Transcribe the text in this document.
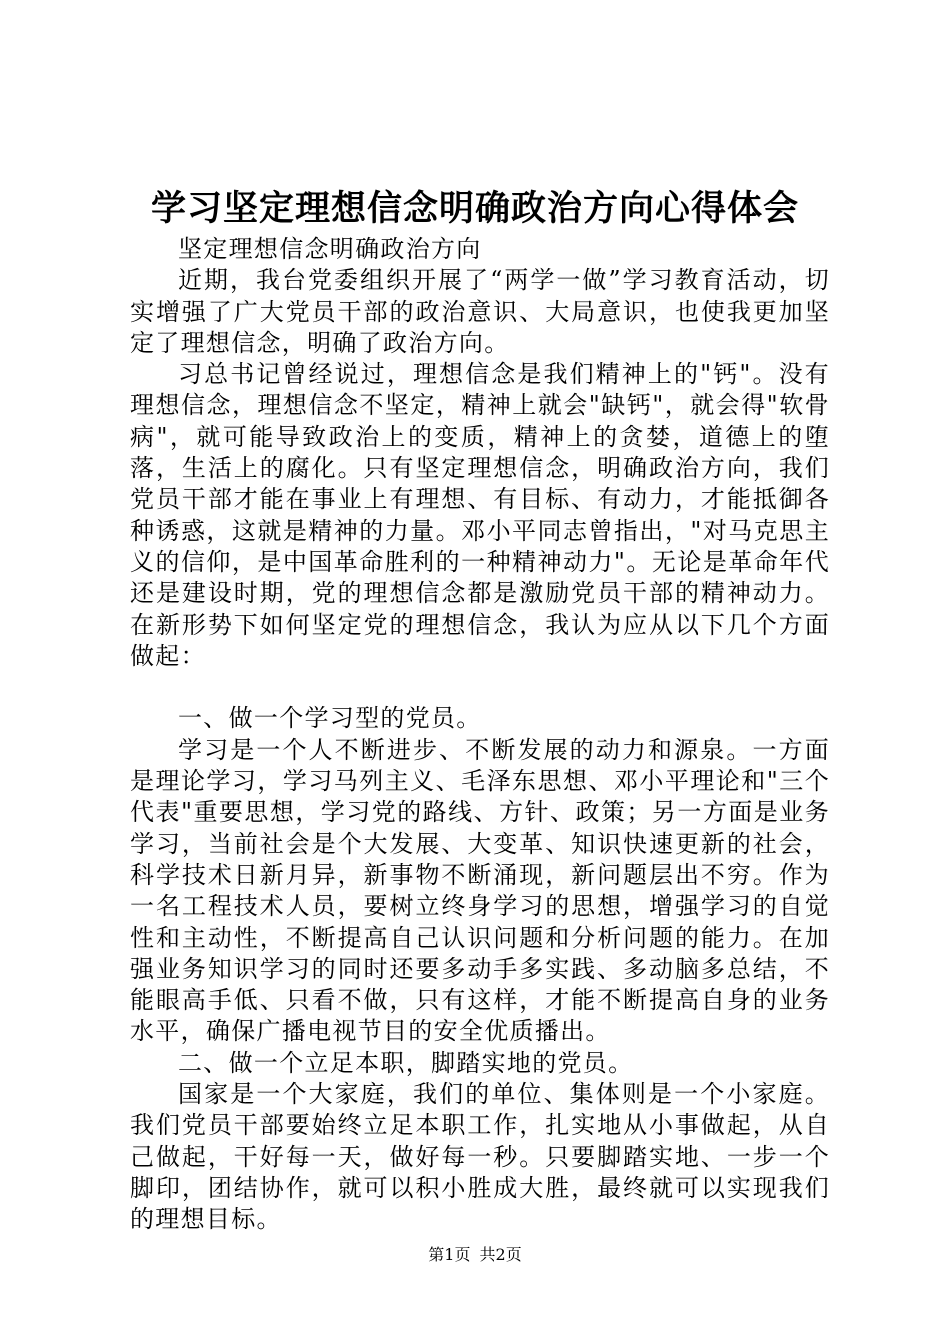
学习坚定理想信念明确政治方向心得体会

坚定理想信念明确政治方向

近期，我台党委组织开展了“两学一做”学习教育活动，切实增强了广大党员干部的政治意识、大局意识，也使我更加坚定了理想信念，明确了政治方向。

习总书记曾经说过，理想信念是我们精神上的"钙"。没有理想信念，理想信念不坚定，精神上就会"缺钙"，就会得"软骨病"，就可能导致政治上的变质，精神上的贪婪，道德上的堕落，生活上的腐化。只有坚定理想信念，明确政治方向，我们党员干部才能在事业上有理想、有目标、有动力，才能抵御各种诱惑，这就是精神的力量。邓小平同志曾指出，"对马克思主义的信仰，是中国革命胜利的一种精神动力"。无论是革命年代还是建设时期，党的理想信念都是激励党员干部的精神动力。在新形势下如何坚定党的理想信念，我认为应从以下几个方面做起：

一、做一个学习型的党员。

学习是一个人不断进步、不断发展的动力和源泉。一方面是理论学习，学习马列主义、毛泽东思想、邓小平理论和"三个代表"重要思想，学习党的路线、方针、政策；另一方面是业务学习，当前社会是个大发展、大变革、知识快速更新的社会，科学技术日新月异，新事物不断涌现，新问题层出不穷。作为一名工程技术人员，要树立终身学习的思想，增强学习的自觉性和主动性，不断提高自己认识问题和分析问题的能力。在加强业务知识学习的同时还要多动手多实践、多动脑多总结，不能眼高手低、只看不做，只有这样，才能不断提高自身的业务水平，确保广播电视节目的安全优质播出。

二、做一个立足本职，脚踏实地的党员。

国家是一个大家庭，我们的单位、集体则是一个小家庭。我们党员干部要始终立足本职工作，扎实地从小事做起，从自己做起，干好每一天，做好每一秒。只要脚踏实地、一步一个脚印，团结协作，就可以积小胜成大胜，最终就可以实现我们的理想目标。

第1页 共2页
